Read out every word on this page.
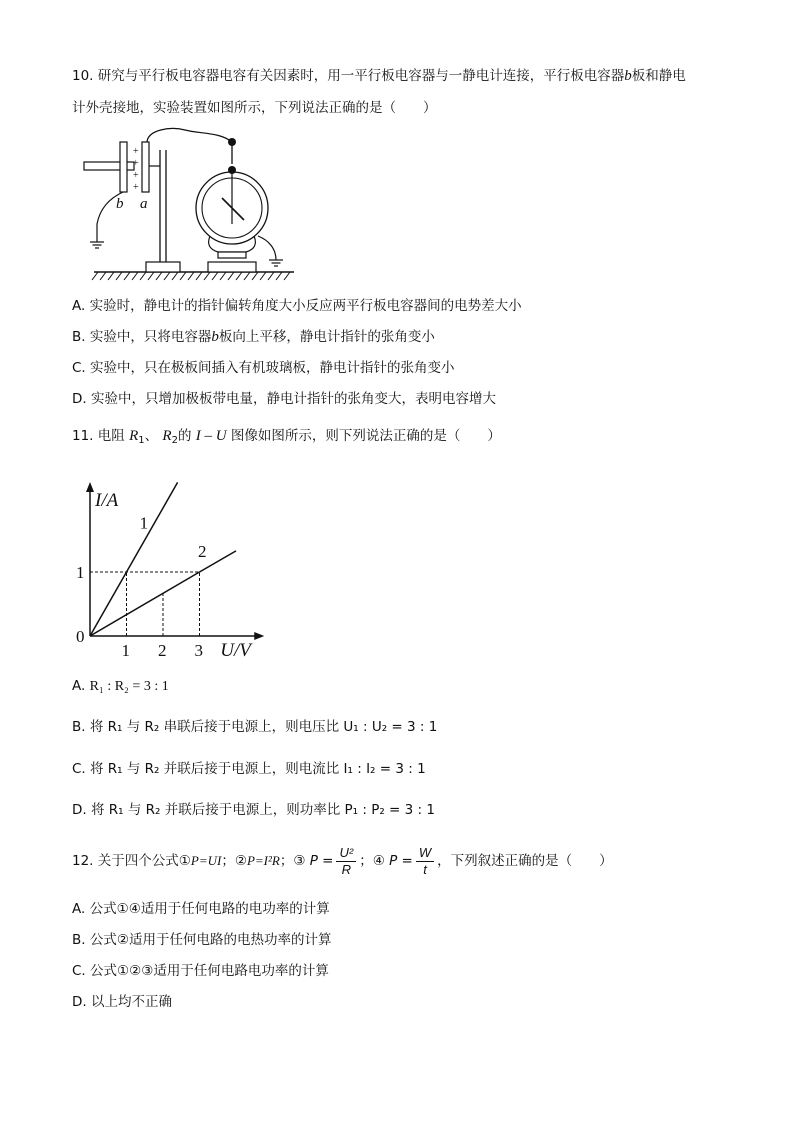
10. 研究与平行板电容器电容有关因素时，用一平行板电容器与一静电计连接，平行板电容器b板和静电
计外壳接地，实验装置如图所示，下列说法正确的是（　　）
+
+
+
+
b a
A. 实验时，静电计的指针偏转角度大小反应两平行板电容器间的电势差大小
B. 实验中，只将电容器b板向上平移，静电计指针的张角变小
C. 实验中，只在极板间插入有机玻璃板，静电计指针的张角变小
D. 实验中，只增加极板带电量，静电计指针的张角变大，表明电容增大
11. 电阻 $R_1$、 $R_2$的 I – U 图像如图所示，则下列说法正确的是（　　）
1
2
1 2 3
1
0
U/V
I/A
A. R₁ : R₂ = 3 : 1
B. 将 R₁ 与 R₂ 串联后接于电源上，则电压比 U₁ : U₂ = 3 : 1
C. 将 R₁ 与 R₂ 并联后接于电源上，则电流比 I₁ : I₂ = 3 : 1
D. 将 R₁ 与 R₂ 并联后接于电源上，则功率比 P₁ : P₂ = 3 : 1
12. 关于四个公式①P=UI；②P=I²R；③ $P = \frac{\text{U²}}{R}$ ；④ $P = \frac{W}{t}$ ，下列叙述正确的是（　　）
A. 公式①④适用于任何电路的电功率的计算
B. 公式②适用于任何电路的电热功率的计算
C. 公式①②③适用于任何电路电功率的计算
D. 以上均不正确
